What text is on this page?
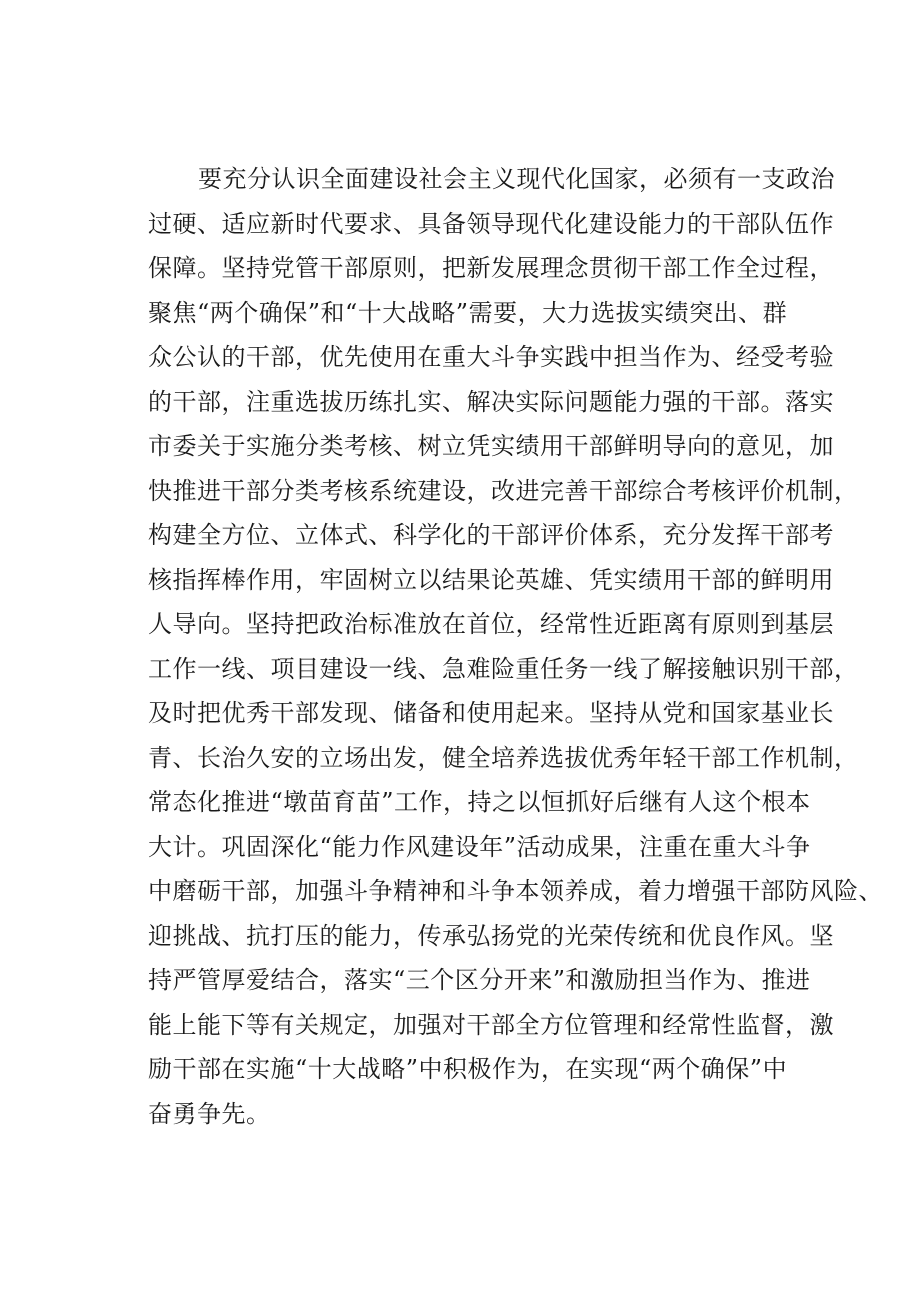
要充分认识全面建设社会主义现代化国家，必须有一支政治
过硬、适应新时代要求、具备领导现代化建设能力的干部队伍作
保障。坚持党管干部原则，把新发展理念贯彻干部工作全过程，
聚焦“两个确保”和“十大战略”需要，大力选拔实绩突出、群
众公认的干部，优先使用在重大斗争实践中担当作为、经受考验
的干部，注重选拔历练扎实、解决实际问题能力强的干部。落实
市委关于实施分类考核、树立凭实绩用干部鲜明导向的意见，加
快推进干部分类考核系统建设，改进完善干部综合考核评价机制，
构建全方位、立体式、科学化的干部评价体系，充分发挥干部考
核指挥棒作用，牢固树立以结果论英雄、凭实绩用干部的鲜明用
人导向。坚持把政治标准放在首位，经常性近距离有原则到基层
工作一线、项目建设一线、急难险重任务一线了解接触识别干部，
及时把优秀干部发现、储备和使用起来。坚持从党和国家基业长
青、长治久安的立场出发，健全培养选拔优秀年轻干部工作机制，
常态化推进“墩苗育苗”工作，持之以恒抓好后继有人这个根本
大计。巩固深化“能力作风建设年”活动成果，注重在重大斗争
中磨砺干部，加强斗争精神和斗争本领养成，着力增强干部防风险、
迎挑战、抗打压的能力，传承弘扬党的光荣传统和优良作风。坚
持严管厚爱结合，落实“三个区分开来”和激励担当作为、推进
能上能下等有关规定，加强对干部全方位管理和经常性监督，激
励干部在实施“十大战略”中积极作为，在实现“两个确保”中
奋勇争先。
